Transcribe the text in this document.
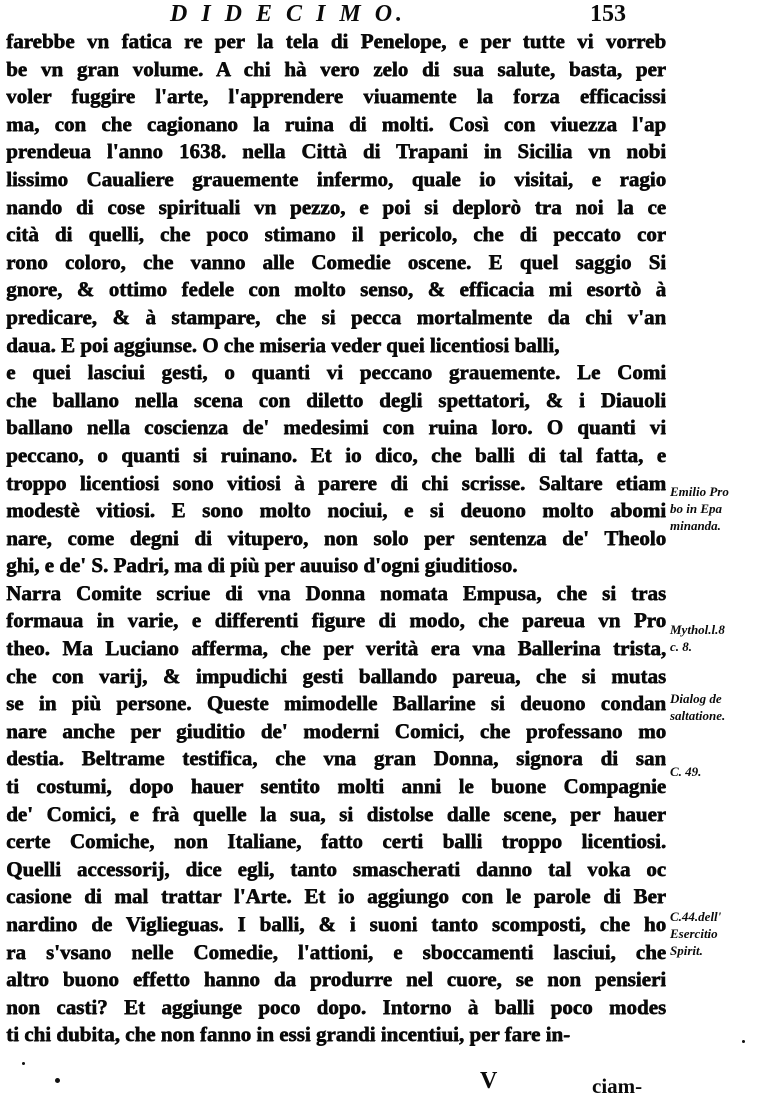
D I D E C I M O.	153
farebbe vn fatica re per la tela di Penelope, e per tutte vi vorreb
be vn gran volume. A chi hà vero zelo di sua salute, basta, per
voler fuggire l'arte, l'apprendere viuamente la forza efficacissi
ma, con che cagionano la ruina di molti. Così con viuezza l'ap
prendeua l'anno 1638. nella Città di Trapani in Sicilia vn nobi
lissimo Caualiere grauemente infermo, quale io visitai, e ragio
nando di cose spirituali vn pezzo, e poi si deplorò tra noi la ce
cità di quelli, che poco stimano il pericolo, che di peccato cor
rono coloro, che vanno alle Comedie oscene. E quel saggio Si
gnore, & ottimo fedele con molto senso, & efficacia mi esortò à
predicare, & à stampare, che si pecca mortalmente da chi v'an
daua. E poi aggiunse. O che miseria veder quei licentiosi balli,
e quei lasciui gesti, o quanti vi peccano grauemente. Le Comi
che ballano nella scena con diletto degli spettatori, & i Diauoli
ballano nella coscienza de' medesimi con ruina loro. O quanti vi
peccano, o quanti si ruinano. Et io dico, che balli di tal fatta, e
troppo licentiosi sono vitiosi à parere di chi scrisse. Saltare etiam
modestè vitiosi. E sono molto nociui, e si deuono molto abomi
nare, come degni di vitupero, non solo per sentenza de' Theolo
ghi, e de' S. Padri, ma di più per auuiso d'ogni giuditioso.
Narra Comite scriue di vna Donna nomata Empusa, che si tras
formaua in varie, e differenti figure di modo, che pareua vn Pro
theo. Ma Luciano afferma, che per verità era vna Ballerina trista,
che con varij, & impudichi gesti ballando pareua, che si mutas
se in più persone. Queste mimodelle Ballarine si deuono condan
nare anche per giuditio de' moderni Comici, che professano mo
destia. Beltrame testifica, che vna gran Donna, signora di san
ti costumi, dopo hauer sentito molti anni le buone Compagnie
de' Comici, e frà quelle la sua, si distolse dalle scene, per hauer
certe Comiche, non Italiane, fatto certi balli troppo licentiosi.
Quelli accessorij, dice egli, tanto smascherati danno tal voka oc
casione di mal trattar l'Arte. Et io aggiungo con le parole di Ber
nardino de Viglieguas. I balli, & i suoni tanto scomposti, che ho
ra s'vsano nelle Comedie, l'attioni, e sboccamenti lasciui, che
altro buono effetto hanno da produrre nel cuore, se non pensieri
non casti? Et aggiunge poco dopo. Intorno à balli poco modes
ti chi dubita, che non fanno in essi grandi incentiui, per fare in-
Emilio Pro
bo in Epa
minanda.
Mythol.l.8
c. 8.
Dialog de
saltatione.
C. 49.
C.44.dell'
Esercitio
Spirit.
V	ciam-
